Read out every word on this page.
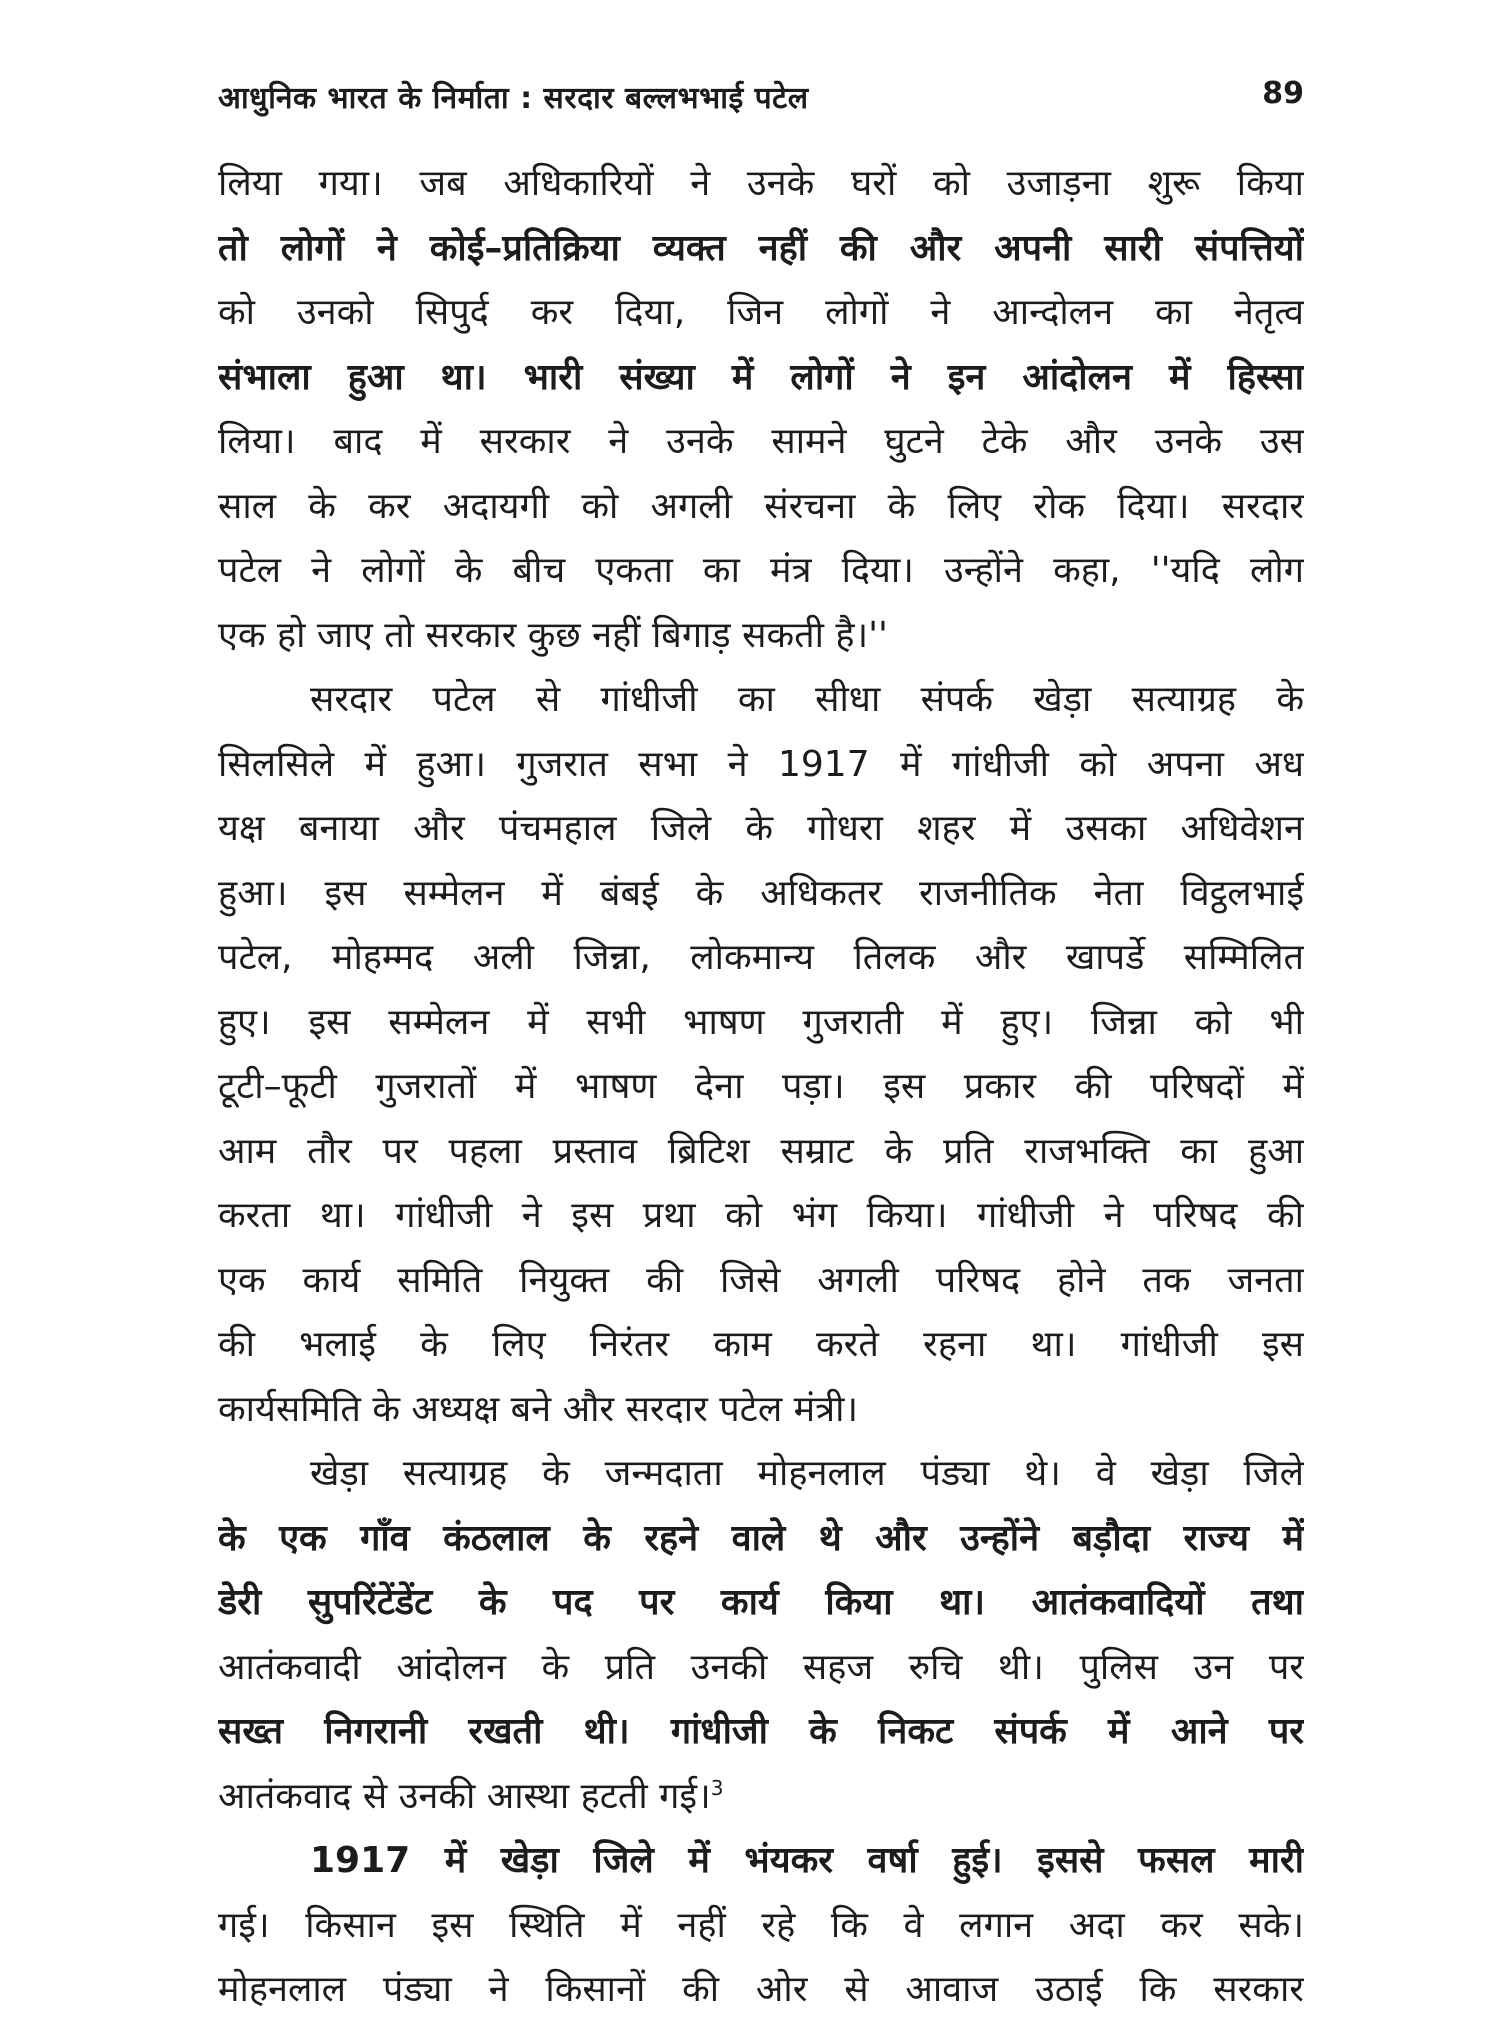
आधुनिक भारत के निर्माता : सरदार बल्लभभाई पटेल	89
लिया गया। जब अधिकारियों ने उनके घरों को उजाड़ना शुरू किया
तो लोगों ने कोई–प्रतिक्रिया व्यक्त नहीं की और अपनी सारी संपत्तियों
को उनको सिपुर्द कर दिया, जिन लोगों ने आन्दोलन का नेतृत्व
संभाला हुआ था। भारी संख्या में लोगों ने इन आंदोलन में हिस्सा
लिया। बाद में सरकार ने उनके सामने घुटने टेके और उनके उस
साल के कर अदायगी को अगली संरचना के लिए रोक दिया। सरदार
पटेल ने लोगों के बीच एकता का मंत्र दिया। उन्होंने कहा, ''यदि लोग
एक हो जाए तो सरकार कुछ नहीं बिगाड़ सकती है।''
सरदार पटेल से गांधीजी का सीधा संपर्क खेड़ा सत्याग्रह के
सिलसिले में हुआ। गुजरात सभा ने 1917 में गांधीजी को अपना अध
यक्ष बनाया और पंचमहाल जिले के गोधरा शहर में उसका अधिवेशन
हुआ। इस सम्मेलन में बंबई के अधिकतर राजनीतिक नेता विट्ठलभाई
पटेल, मोहम्मद अली जिन्ना, लोकमान्य तिलक और खापर्डे सम्मिलित
हुए। इस सम्मेलन में सभी भाषण गुजराती में हुए। जिन्ना को भी
टूटी–फूटी गुजरातों में भाषण देना पड़ा। इस प्रकार की परिषदों में
आम तौर पर पहला प्रस्ताव ब्रिटिश सम्राट के प्रति राजभक्ति का हुआ
करता था। गांधीजी ने इस प्रथा को भंग किया। गांधीजी ने परिषद की
एक कार्य समिति नियुक्त की जिसे अगली परिषद होने तक जनता
की भलाई के लिए निरंतर काम करते रहना था। गांधीजी इस
कार्यसमिति के अध्यक्ष बने और सरदार पटेल मंत्री।
खेड़ा सत्याग्रह के जन्मदाता मोहनलाल पंड्या थे। वे खेड़ा जिले
के एक गाँव कंठलाल के रहने वाले थे और उन्होंने बड़ौदा राज्य में
डेरी सुपरिंटेंडेंट के पद पर कार्य किया था। आतंकवादियों तथा
आतंकवादी आंदोलन के प्रति उनकी सहज रुचि थी। पुलिस उन पर
सख्त निगरानी रखती थी। गांधीजी के निकट संपर्क में आने पर
आतंकवाद से उनकी आस्था हटती गई।$^3$
1917 में खेड़ा जिले में भंयकर वर्षा हुई। इससे फसल मारी
गई। किसान इस स्थिति में नहीं रहे कि वे लगान अदा कर सके।
मोहनलाल पंड्या ने किसानों की ओर से आवाज उठाई कि सरकार
